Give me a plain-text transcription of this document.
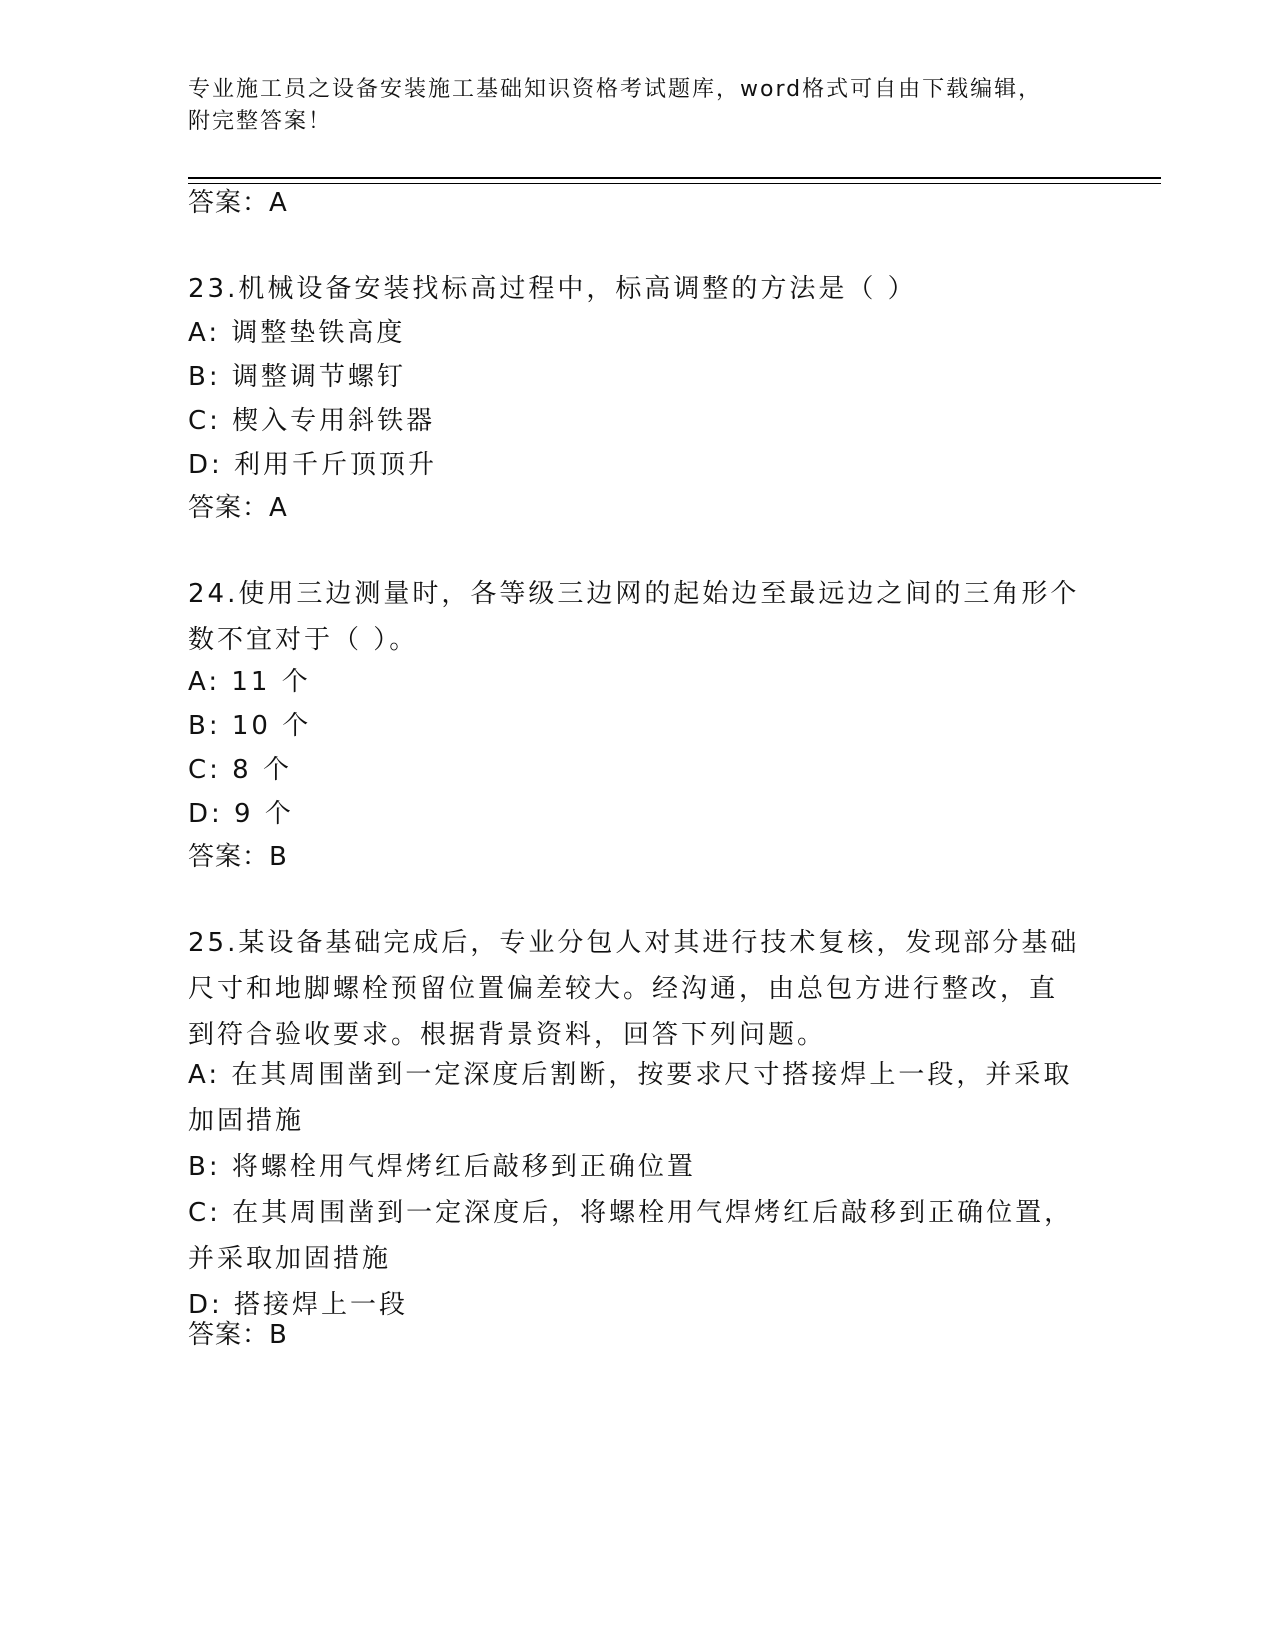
专业施工员之设备安装施工基础知识资格考试题库，word格式可自由下载编辑，
附完整答案！
答案：A
23.机械设备安装找标高过程中，标高调整的方法是（ ）
A: 调整垫铁高度
B: 调整调节螺钉
C: 楔入专用斜铁器
D: 利用千斤顶顶升
答案：A
24.使用三边测量时，各等级三边网的起始边至最远边之间的三角形个
数不宜对于（ ）。
A: 11 个
B: 10 个
C: 8 个
D: 9 个
答案：B
25.某设备基础完成后，专业分包人对其进行技术复核，发现部分基础
尺寸和地脚螺栓预留位置偏差较大。经沟通，由总包方进行整改，直
到符合验收要求。根据背景资料，回答下列问题。
A: 在其周围凿到一定深度后割断，按要求尺寸搭接焊上一段，并采取
加固措施
B: 将螺栓用气焊烤红后敲移到正确位置
C: 在其周围凿到一定深度后，将螺栓用气焊烤红后敲移到正确位置，
并采取加固措施
D: 搭接焊上一段
答案：B
